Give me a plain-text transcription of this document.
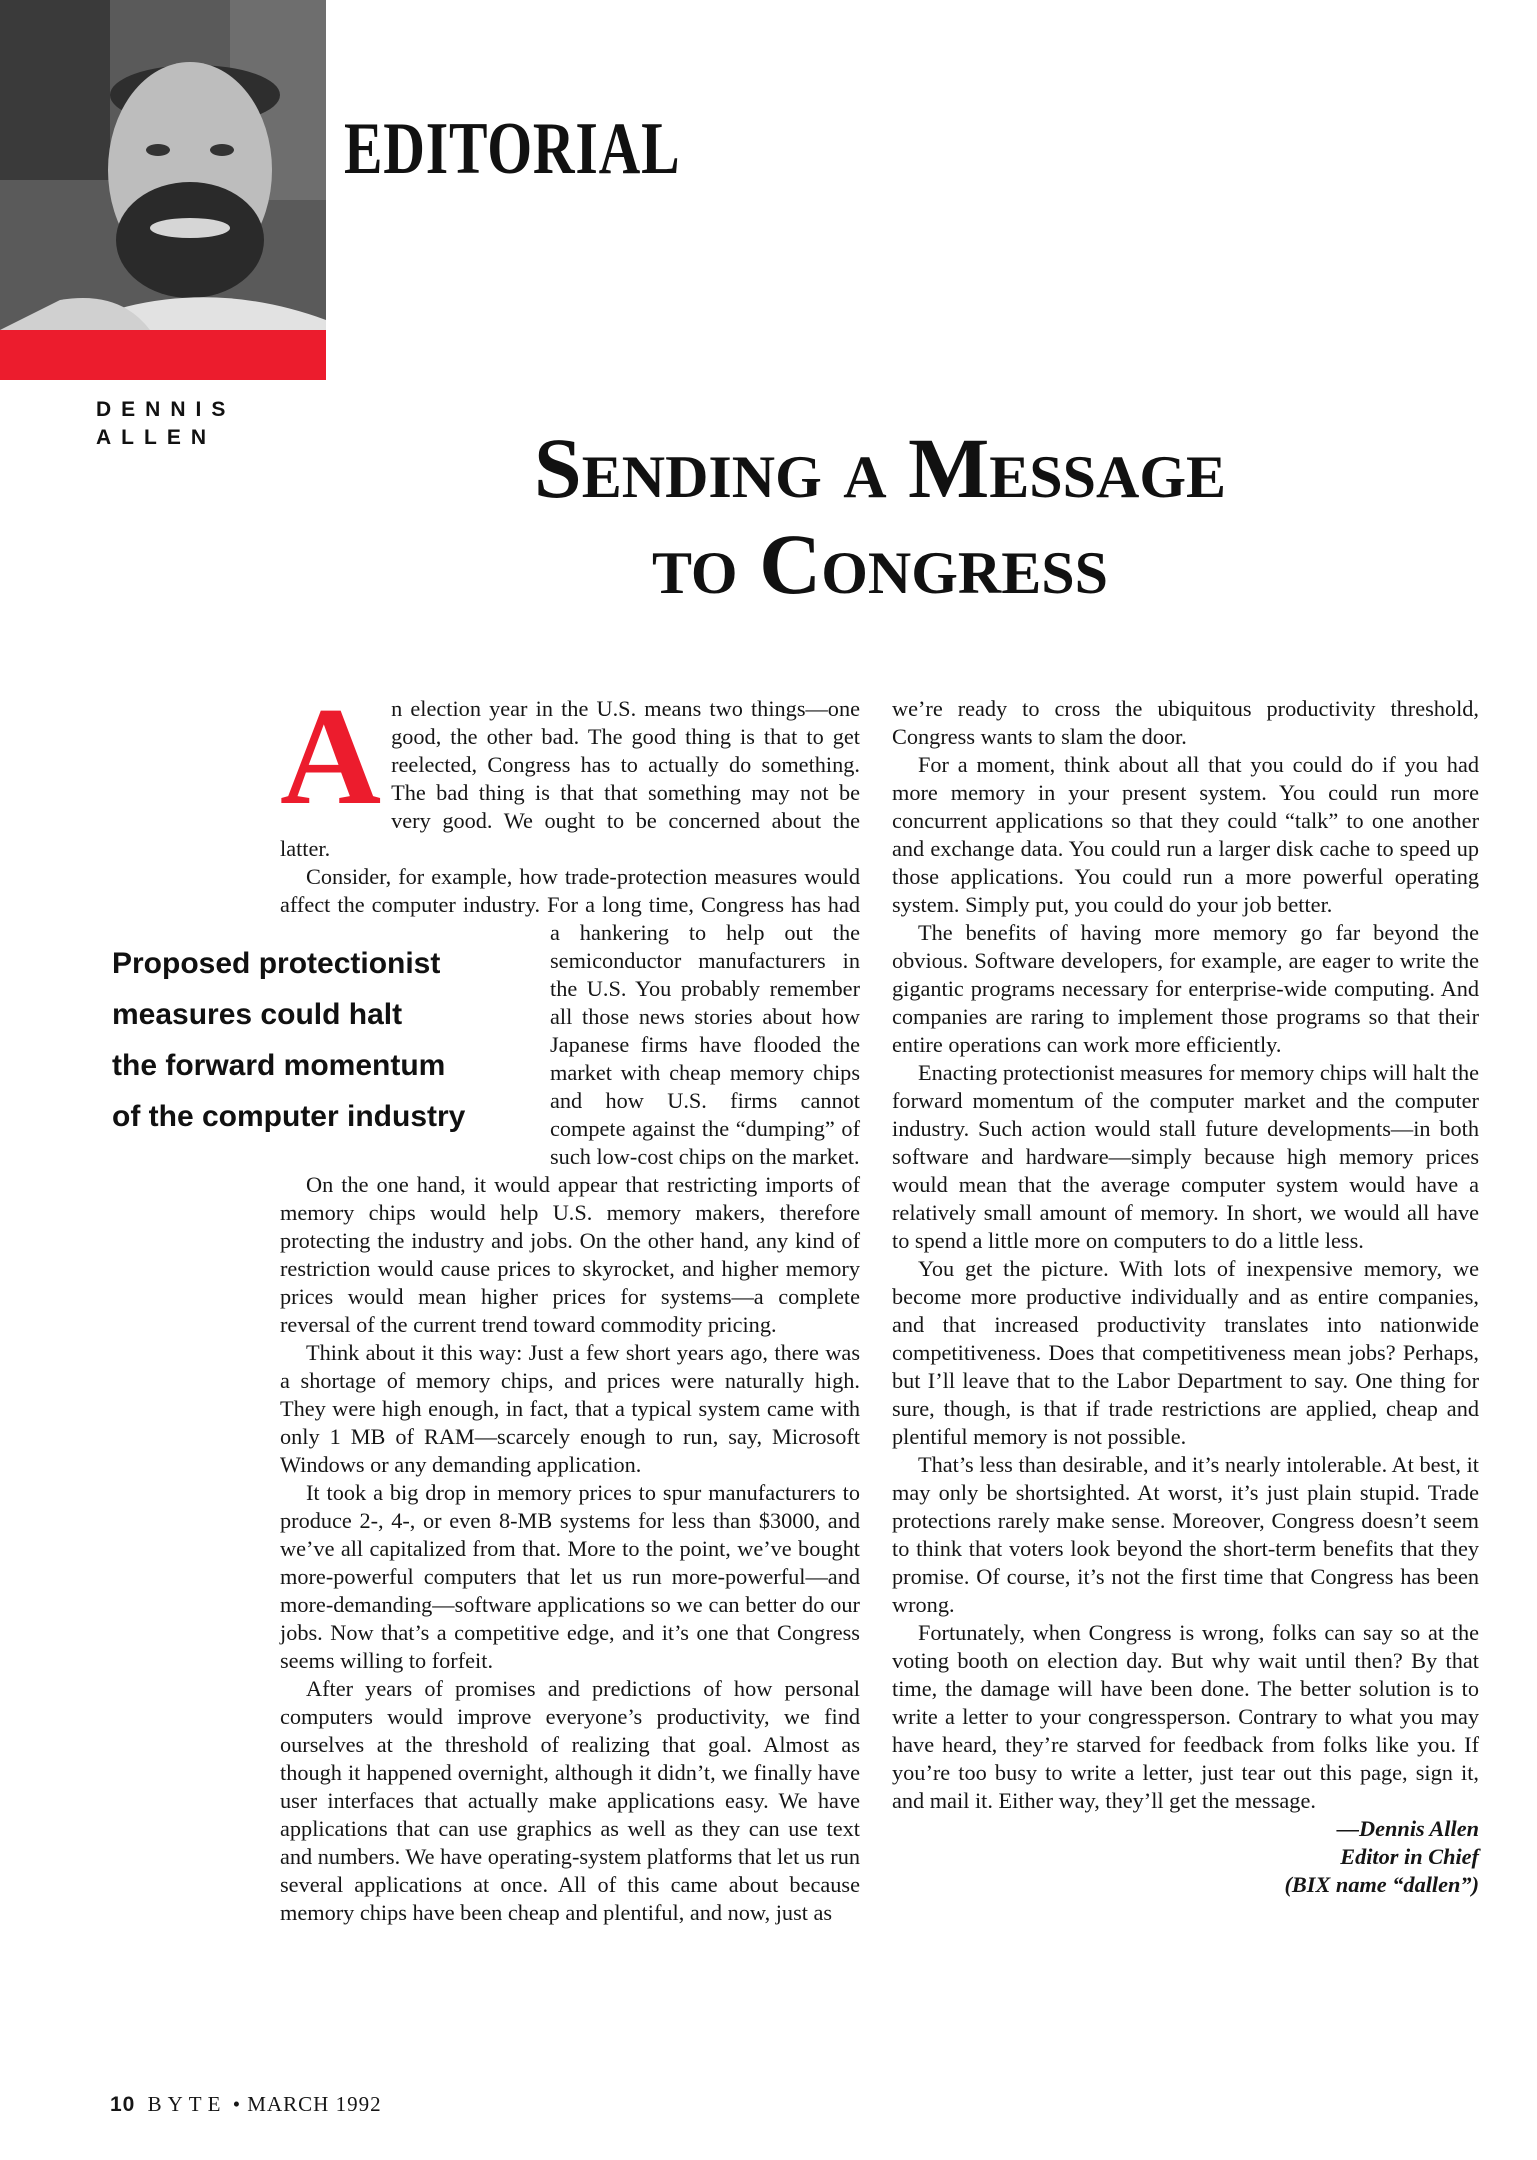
EDITORIAL
DENNIS
ALLEN	Sending a Message
to Congress
Proposed protectionist
measures could halt
the forward momentum
of the computer industry

An election year in the U.S. means two things—one good, the other bad. The good thing is that to get reelected, Congress has to actually do something. The bad thing is that that something may not be very good. We ought to be concerned about the latter.

Consider, for example, how trade-protection measures would affect the computer industry. For a long time,
Congress has had a hankering to help out the semiconductor manufacturers in the U.S. You probably remember all those news stories about how Japanese firms have flooded the market with cheap memory chips and how U.S. firms cannot compete against the “dumping” of such low-cost chips on the market.

On the one hand, it would appear that restricting imports of memory chips would help U.S. memory makers, therefore protecting the industry and jobs. On the other hand, any kind of restriction would cause prices to skyrocket, and higher memory prices would mean higher prices for systems—a complete reversal of the current trend toward commodity pricing.

Think about it this way: Just a few short years ago, there was a shortage of memory chips, and prices were naturally high. They were high enough, in fact, that a typical system came with only 1 MB of RAM—scarcely enough to run, say, Microsoft Windows or any demanding application.

It took a big drop in memory prices to spur manufacturers to produce 2-, 4-, or even 8-MB systems for less than $3000, and we’ve all capitalized from that. More to the point, we’ve bought more-powerful computers that let us run more-powerful—and more-demanding—software applications so we can better do our jobs. Now that’s a competitive edge, and it’s one that Congress seems willing to forfeit.

After years of promises and predictions of how personal computers would improve everyone’s productivity, we find ourselves at the threshold of realizing that goal. Almost as though it happened overnight, although it didn’t, we finally have user interfaces that actually make applications easy. We have applications that can use graphics as well as they can use text and numbers. We have operating-system platforms that let us run several applications at once. All of this came about because memory chips have been cheap and plentiful, and now, just as

we’re ready to cross the ubiquitous productivity threshold, Congress wants to slam the door.

For a moment, think about all that you could do if you had more memory in your present system. You could run more concurrent applications so that they could “talk” to one another and exchange data. You could run a larger disk cache to speed up those applications. You could run a more powerful operating system. Simply put, you could do your job better.

The benefits of having more memory go far beyond the obvious. Software developers, for example, are eager to write the gigantic programs necessary for enterprise-wide computing. And companies are raring to implement those programs so that their entire operations can work more efficiently.

Enacting protectionist measures for memory chips will halt the forward momentum of the computer market and the computer industry. Such action would stall future developments—in both software and hardware—simply because high memory prices would mean that the average computer system would have a relatively small amount of memory. In short, we would all have to spend a little more on computers to do a little less.

You get the picture. With lots of inexpensive memory, we become more productive individually and as entire companies, and that increased productivity translates into nationwide competitiveness. Does that competitiveness mean jobs? Perhaps, but I’ll leave that to the Labor Department to say. One thing for sure, though, is that if trade restrictions are applied, cheap and plentiful memory is not possible.

That’s less than desirable, and it’s nearly intolerable. At best, it may only be shortsighted. At worst, it’s just plain stupid. Trade protections rarely make sense. Moreover, Congress doesn’t seem to think that voters look beyond the short-term benefits that they promise. Of course, it’s not the first time that Congress has been wrong.

Fortunately, when Congress is wrong, folks can say so at the voting booth on election day. But why wait until then? By that time, the damage will have been done. The better solution is to write a letter to your congressperson. Contrary to what you may have heard, they’re starved for feedback from folks like you. If you’re too busy to write a letter, just tear out this page, sign it, and mail it. Either way, they’ll get the message.

—Dennis Allen
Editor in Chief
(BIX name “dallen”)
10 BYTE • MARCH 1992
